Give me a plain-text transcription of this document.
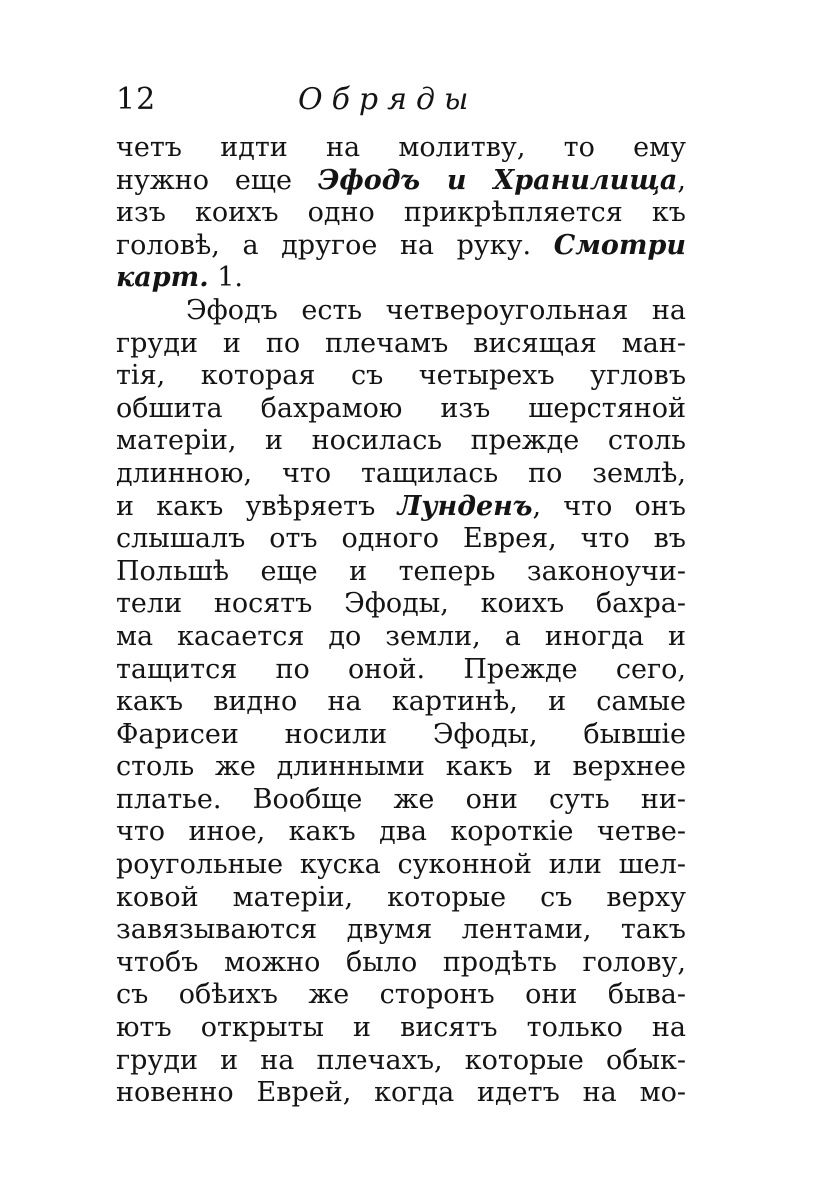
12	Обряды
четъ идти на молитву, то ему
нужно еще Эфодъ и Хранилища,
изъ коихъ одно прикрѣпляется къ
головѣ, а другое на руку. Смотри
карт. 1.
Эфодъ есть четвероугольная на
груди и по плечамъ висящая ман-
тія, которая съ четырехъ угловъ
обшита бахрамою изъ шерстяной
матеріи, и носилась прежде столь
длинною, что тащилась по землѣ,
и какъ увѣряетъ Лунденъ, что онъ
слышалъ отъ одного Еврея, что въ
Польшѣ еще и теперь законоучи-
тели носятъ Эфоды, коихъ бахра-
ма касается до земли, а иногда и
тащится по оной. Прежде сего,
какъ видно на картинѣ, и самые
Фарисеи носили Эфоды, бывшіе
столь же длинными какъ и верхнее
платье. Вообще же они суть ни-
что иное, какъ два короткіе четве-
роугольные куска суконной или шел-
ковой матеріи, которые съ верху
завязываются двумя лентами, такъ
чтобъ можно было продѣть голову,
съ обѣихъ же сторонъ они быва-
ютъ открыты и висятъ только на
груди и на плечахъ, которые обык-
новенно Еврей, когда идетъ на мо-
